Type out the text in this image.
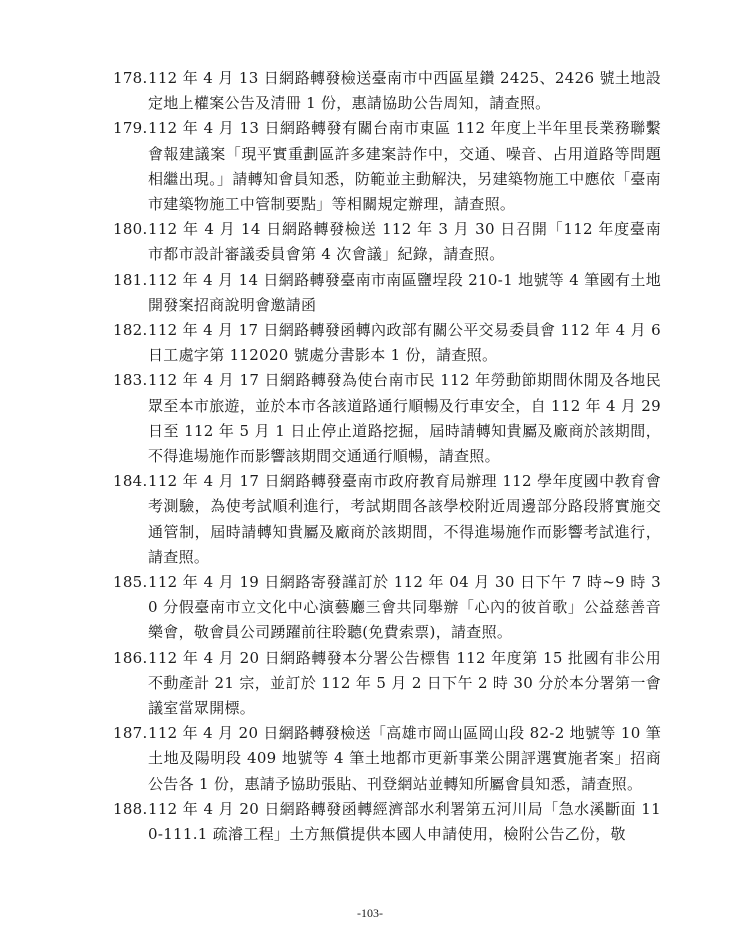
178. 112 年 4 月 13 日網路轉發檢送臺南市中西區星鑽 2425、2426 號土地設定地上權案公告及清冊 1 份，惠請協助公告周知，請查照。
179. 112 年 4 月 13 日網路轉發有關台南市東區 112 年度上半年里長業務聯繫會報建議案「現平實重劃區許多建案詩作中，交通、噪音、占用道路等問題相繼出現。」請轉知會員知悉，防範並主動解決，另建築物施工中應依「臺南市建築物施工中管制要點」等相關規定辦理，請查照。
180. 112 年 4 月 14 日網路轉發檢送 112 年 3 月 30 日召開「112 年度臺南市都市設計審議委員會第 4 次會議」紀錄，請查照。
181. 112 年 4 月 14 日網路轉發臺南市南區鹽埕段 210-1 地號等 4 筆國有土地開發案招商說明會邀請函
182. 112 年 4 月 17 日網路轉發函轉內政部有關公平交易委員會 112 年 4 月 6 日工處字第 112020 號處分書影本 1 份，請查照。
183. 112 年 4 月 17 日網路轉發為使台南市民 112 年勞動節期間休閒及各地民眾至本市旅遊，並於本市各該道路通行順暢及行車安全，自 112 年 4 月 29 日至 112 年 5 月 1 日止停止道路挖掘，屆時請轉知貴屬及廠商於該期間，不得進場施作而影響該期間交通通行順暢，請查照。
184. 112 年 4 月 17 日網路轉發臺南市政府教育局辦理 112 學年度國中教育會考測驗，為使考試順利進行，考試期間各該學校附近周邊部分路段將實施交通管制，屆時請轉知貴屬及廠商於該期間，不得進場施作而影響考試進行，請查照。
185. 112 年 4 月 19 日網路寄發謹訂於 112 年 04 月 30 日下午 7 時~9 時 30 分假臺南市立文化中心演藝廳三會共同舉辦「心內的彼首歌」公益慈善音樂會，敬會員公司踴躍前往聆聽(免費索票)，請查照。
186. 112 年 4 月 20 日網路轉發本分署公告標售 112 年度第 15 批國有非公用不動產計 21 宗，並訂於 112 年 5 月 2 日下午 2 時 30 分於本分署第一會議室當眾開標。
187. 112 年 4 月 20 日網路轉發檢送「高雄市岡山區岡山段 82-2 地號等 10 筆土地及陽明段 409 地號等 4 筆土地都市更新事業公開評選實施者案」招商公告各 1 份，惠請予協助張貼、刊登網站並轉知所屬會員知悉，請查照。
188. 112 年 4 月 20 日網路轉發函轉經濟部水利署第五河川局「急水溪斷面 110-111.1 疏濬工程」土方無償提供本國人申請使用，檢附公告乙份，敬
-103-
